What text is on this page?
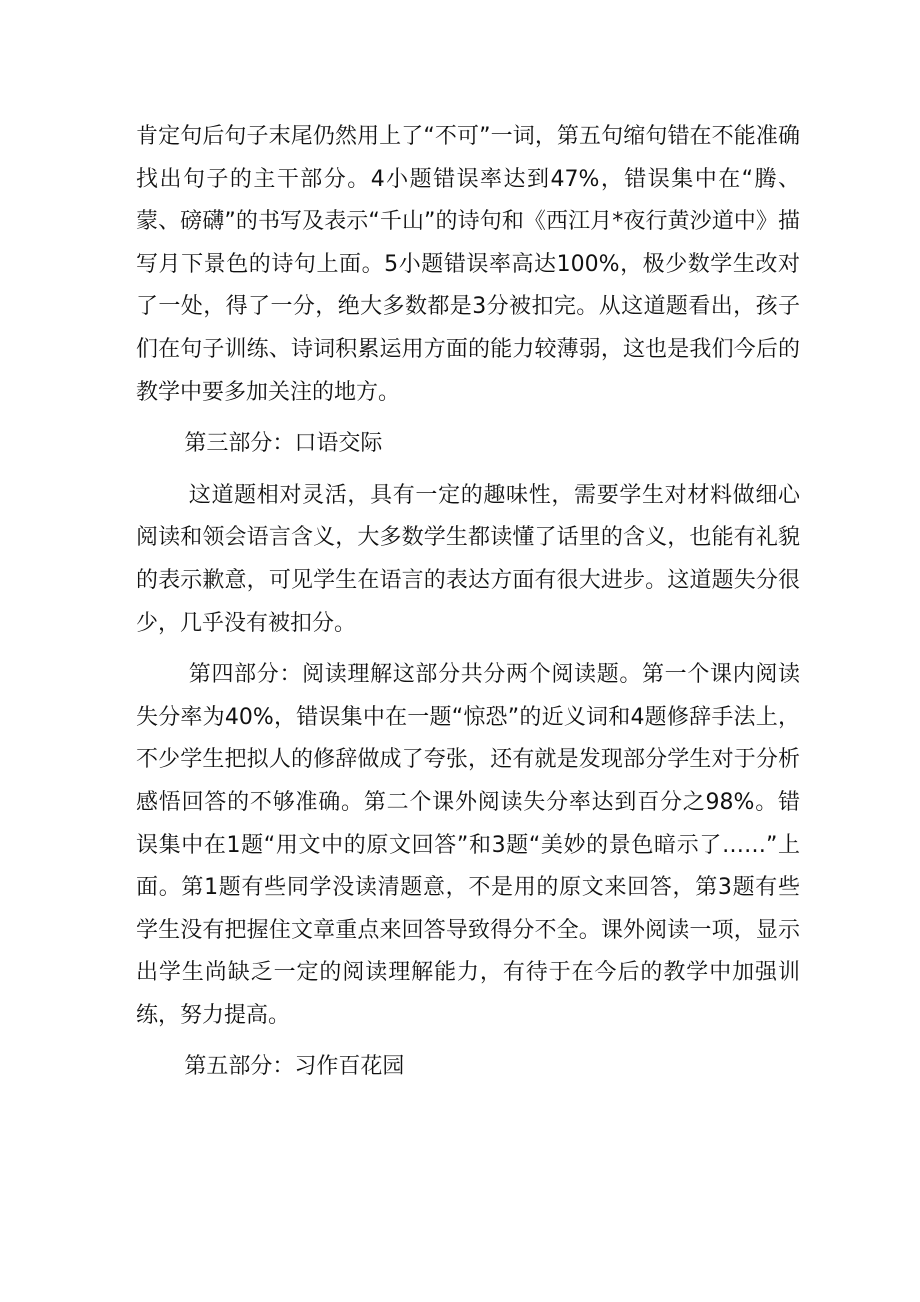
肯定句后句子末尾仍然用上了“不可”一词，第五句缩句错在不能准确找出句子的主干部分。4小题错误率达到47%，错误集中在“腾、蒙、磅礴”的书写及表示“千山”的诗句和《西江月*夜行黄沙道中》描写月下景色的诗句上面。5小题错误率高达100%，极少数学生改对了一处，得了一分，绝大多数都是3分被扣完。从这道题看出，孩子们在句子训练、诗词积累运用方面的能力较薄弱，这也是我们今后的教学中要多加关注的地方。

第三部分：口语交际

这道题相对灵活，具有一定的趣味性，需要学生对材料做细心阅读和领会语言含义，大多数学生都读懂了话里的含义，也能有礼貌的表示歉意，可见学生在语言的表达方面有很大进步。这道题失分很少，几乎没有被扣分。

第四部分：阅读理解这部分共分两个阅读题。第一个课内阅读失分率为40%，错误集中在一题“惊恐”的近义词和4题修辞手法上，不少学生把拟人的修辞做成了夸张，还有就是发现部分学生对于分析感悟回答的不够准确。第二个课外阅读失分率达到百分之98%。错误集中在1题“用文中的原文回答”和3题“美妙的景色暗示了……”上面。第1题有些同学没读清题意，不是用的原文来回答，第3题有些学生没有把握住文章重点来回答导致得分不全。课外阅读一项，显示出学生尚缺乏一定的阅读理解能力，有待于在今后的教学中加强训练，努力提高。

第五部分：习作百花园
